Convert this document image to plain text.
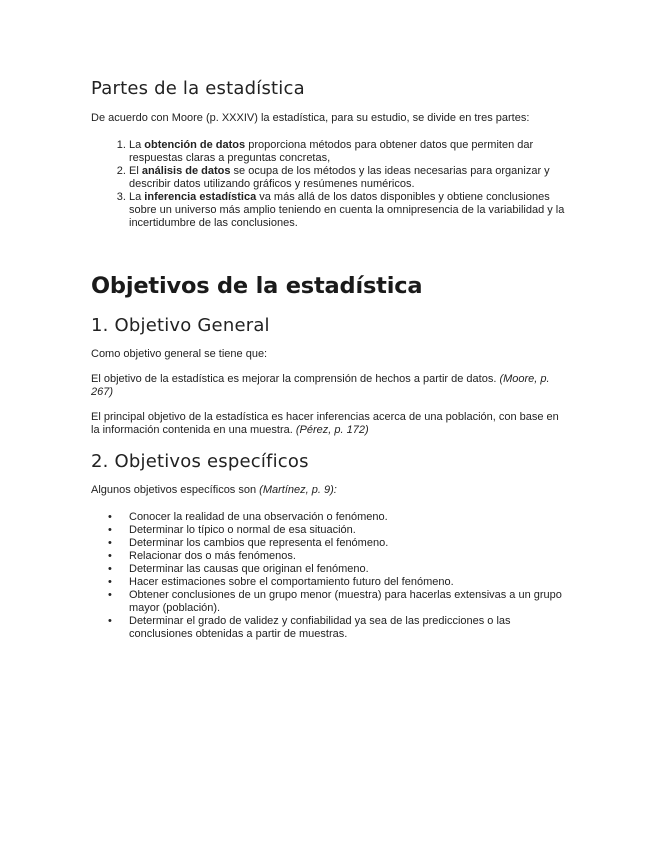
Partes de la estadística

De acuerdo con Moore (p. XXXIV) la estadística, para su estudio, se divide en tres partes:

1. La obtención de datos proporciona métodos para obtener datos que permiten dar respuestas claras a preguntas concretas,
2. El análisis de datos se ocupa de los métodos y las ideas necesarias para organizar y describir datos utilizando gráficos y resúmenes numéricos.
3. La inferencia estadística va más allá de los datos disponibles y obtiene conclusiones sobre un universo más amplio teniendo en cuenta la omnipresencia de la variabilidad y la incertidumbre de las conclusiones.
Objetivos de la estadística
1. Objetivo General

Como objetivo general se tiene que:

El objetivo de la estadística es mejorar la comprensión de hechos a partir de datos. (Moore, p. 267)

El principal objetivo de la estadística es hacer inferencias acerca de una población, con base en la información contenida en una muestra. (Pérez, p. 172)

2. Objetivos específicos

Algunos objetivos específicos son (Martínez, p. 9):

• Conocer la realidad de una observación o fenómeno.
• Determinar lo típico o normal de esa situación.
• Determinar los cambios que representa el fenómeno.
• Relacionar dos o más fenómenos.
• Determinar las causas que originan el fenómeno.
• Hacer estimaciones sobre el comportamiento futuro del fenómeno.
• Obtener conclusiones de un grupo menor (muestra) para hacerlas extensivas a un grupo mayor (población).
• Determinar el grado de validez y confiabilidad ya sea de las predicciones o las conclusiones obtenidas a partir de muestras.
